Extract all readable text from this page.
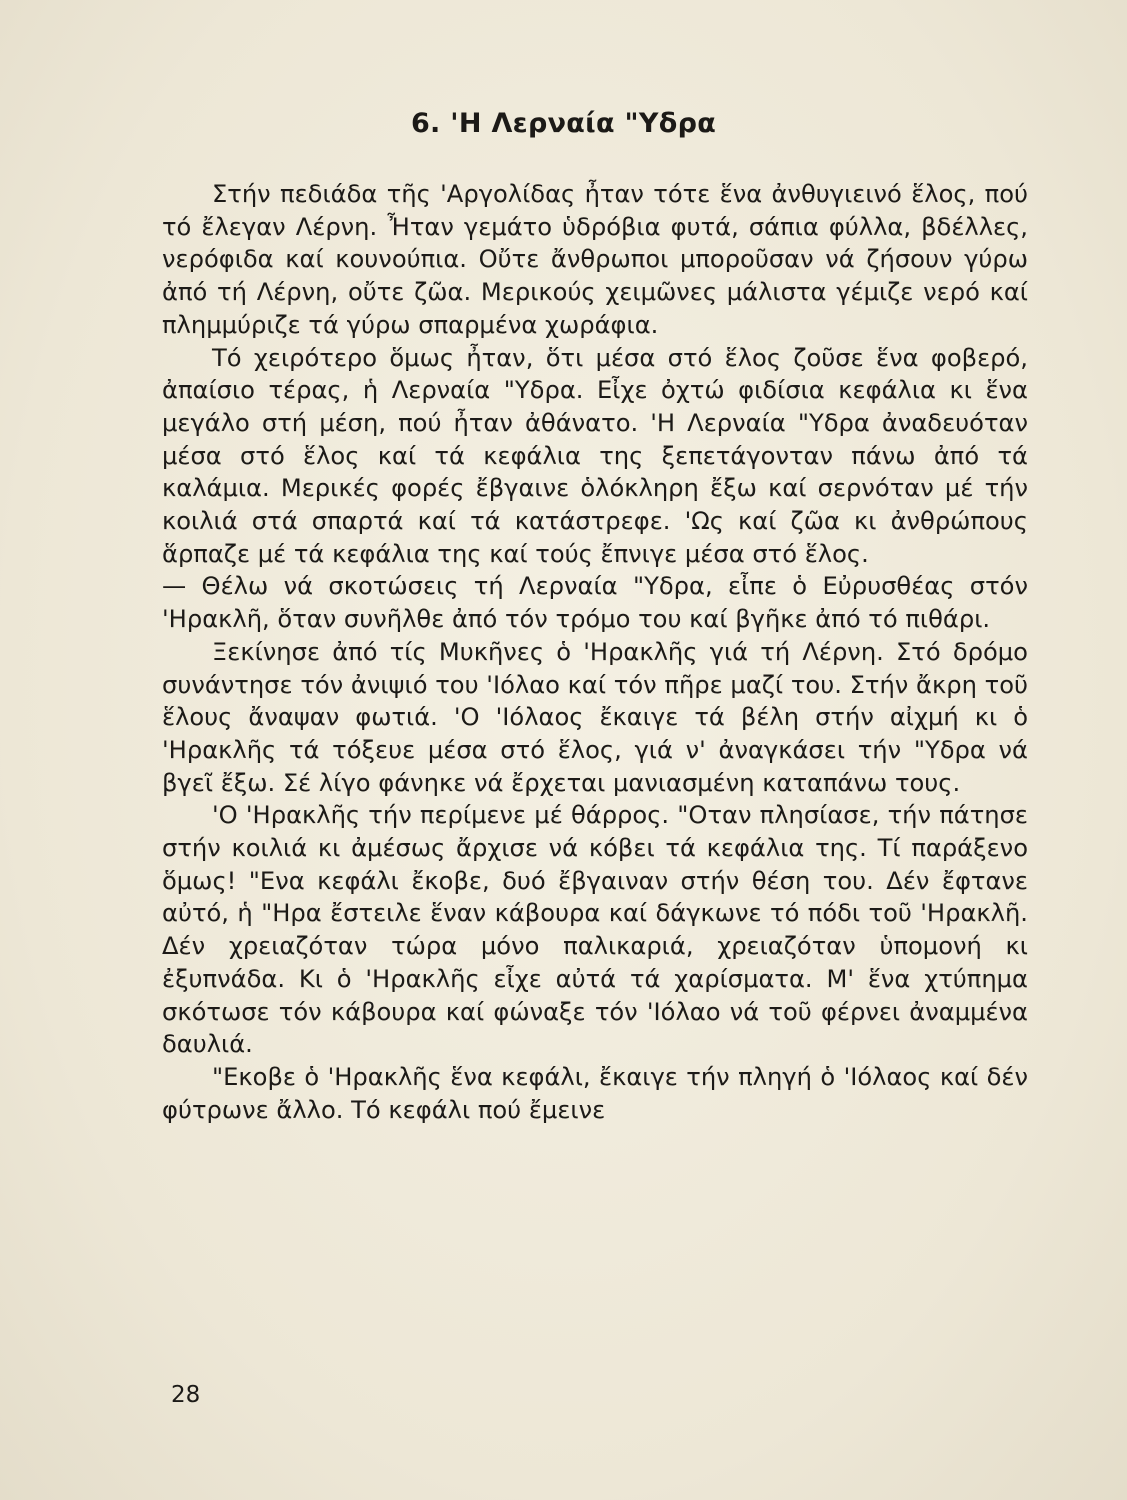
6. 'Η Λερναία "Υδρα

Στήν πεδιάδα τῆς 'Αργολίδας ἦταν τότε ἕνα ἀνθυγιεινό ἕλος, πού τό ἔλεγαν Λέρνη. Ἦταν γεμάτο ὑδρόβια φυτά, σάπια φύλλα, βδέλλες, νερόφιδα καί κουνούπια. Οὔτε ἄνθρωποι μποροῦσαν νά ζήσουν γύρω ἀπό τή Λέρνη, οὔτε ζῶα. Μερικούς χειμῶνες μάλιστα γέμιζε νερό καί πλημμύριζε τά γύρω σπαρμένα χωράφια.

Τό χειρότερο ὅμως ἦταν, ὅτι μέσα στό ἕλος ζοῦσε ἕνα φοβερό, ἀπαίσιο τέρας, ἡ Λερναία "Υδρα. Εἶχε ὀχτώ φιδίσια κεφάλια κι ἕνα μεγάλο στή μέση, πού ἦταν ἀθάνατο. 'Η Λερναία "Υδρα ἀναδευόταν μέσα στό ἕλος καί τά κεφάλια της ξεπετάγονταν πάνω ἀπό τά καλάμια. Μερικές φορές ἔβγαινε ὁλόκληρη ἔξω καί σερνόταν μέ τήν κοιλιά στά σπαρτά καί τά κατάστρεφε. 'Ως καί ζῶα κι ἀνθρώπους ἅρπαζε μέ τά κεφάλια της καί τούς ἔπνιγε μέσα στό ἕλος.

— Θέλω νά σκοτώσεις τή Λερναία "Υδρα, εἶπε ὁ Εὐρυσθέας στόν 'Ηρακλῆ, ὅταν συνῆλθε ἀπό τόν τρόμο του καί βγῆκε ἀπό τό πιθάρι.

Ξεκίνησε ἀπό τίς Μυκῆνες ὁ 'Ηρακλῆς γιά τή Λέρνη. Στό δρόμο συνάντησε τόν ἀνιψιό του 'Ιόλαο καί τόν πῆρε μαζί του. Στήν ἄκρη τοῦ ἕλους ἄναψαν φωτιά. 'Ο 'Ιόλαος ἔκαιγε τά βέλη στήν αἰχμή κι ὁ 'Ηρακλῆς τά τόξευε μέσα στό ἕλος, γιά ν' ἀναγκάσει τήν "Υδρα νά βγεῖ ἔξω. Σέ λίγο φάνηκε νά ἔρχεται μανιασμένη καταπάνω τους.

'Ο 'Ηρακλῆς τήν περίμενε μέ θάρρος. "Οταν πλησίασε, τήν πάτησε στήν κοιλιά κι ἀμέσως ἄρχισε νά κόβει τά κεφάλια της. Τί παράξενο ὅμως! "Ενα κεφάλι ἔκοβε, δυό ἔβγαιναν στήν θέση του. Δέν ἔφτανε αὐτό, ἡ "Ηρα ἔστειλε ἕναν κάβουρα καί δάγκωνε τό πόδι τοῦ 'Ηρακλῆ. Δέν χρειαζόταν τώρα μόνο παλικαριά, χρειαζόταν ὑπομονή κι ἐξυπνάδα. Κι ὁ 'Ηρακλῆς εἶχε αὐτά τά χαρίσματα. Μ' ἕνα χτύπημα σκότωσε τόν κάβουρα καί φώναξε τόν 'Ιόλαο νά τοῦ φέρνει ἀναμμένα δαυλιά.

"Εκοβε ὁ 'Ηρακλῆς ἕνα κεφάλι, ἔκαιγε τήν πληγή ὁ 'Ιόλαος καί δέν φύτρωνε ἄλλο. Τό κεφάλι πού ἔμεινε

28
